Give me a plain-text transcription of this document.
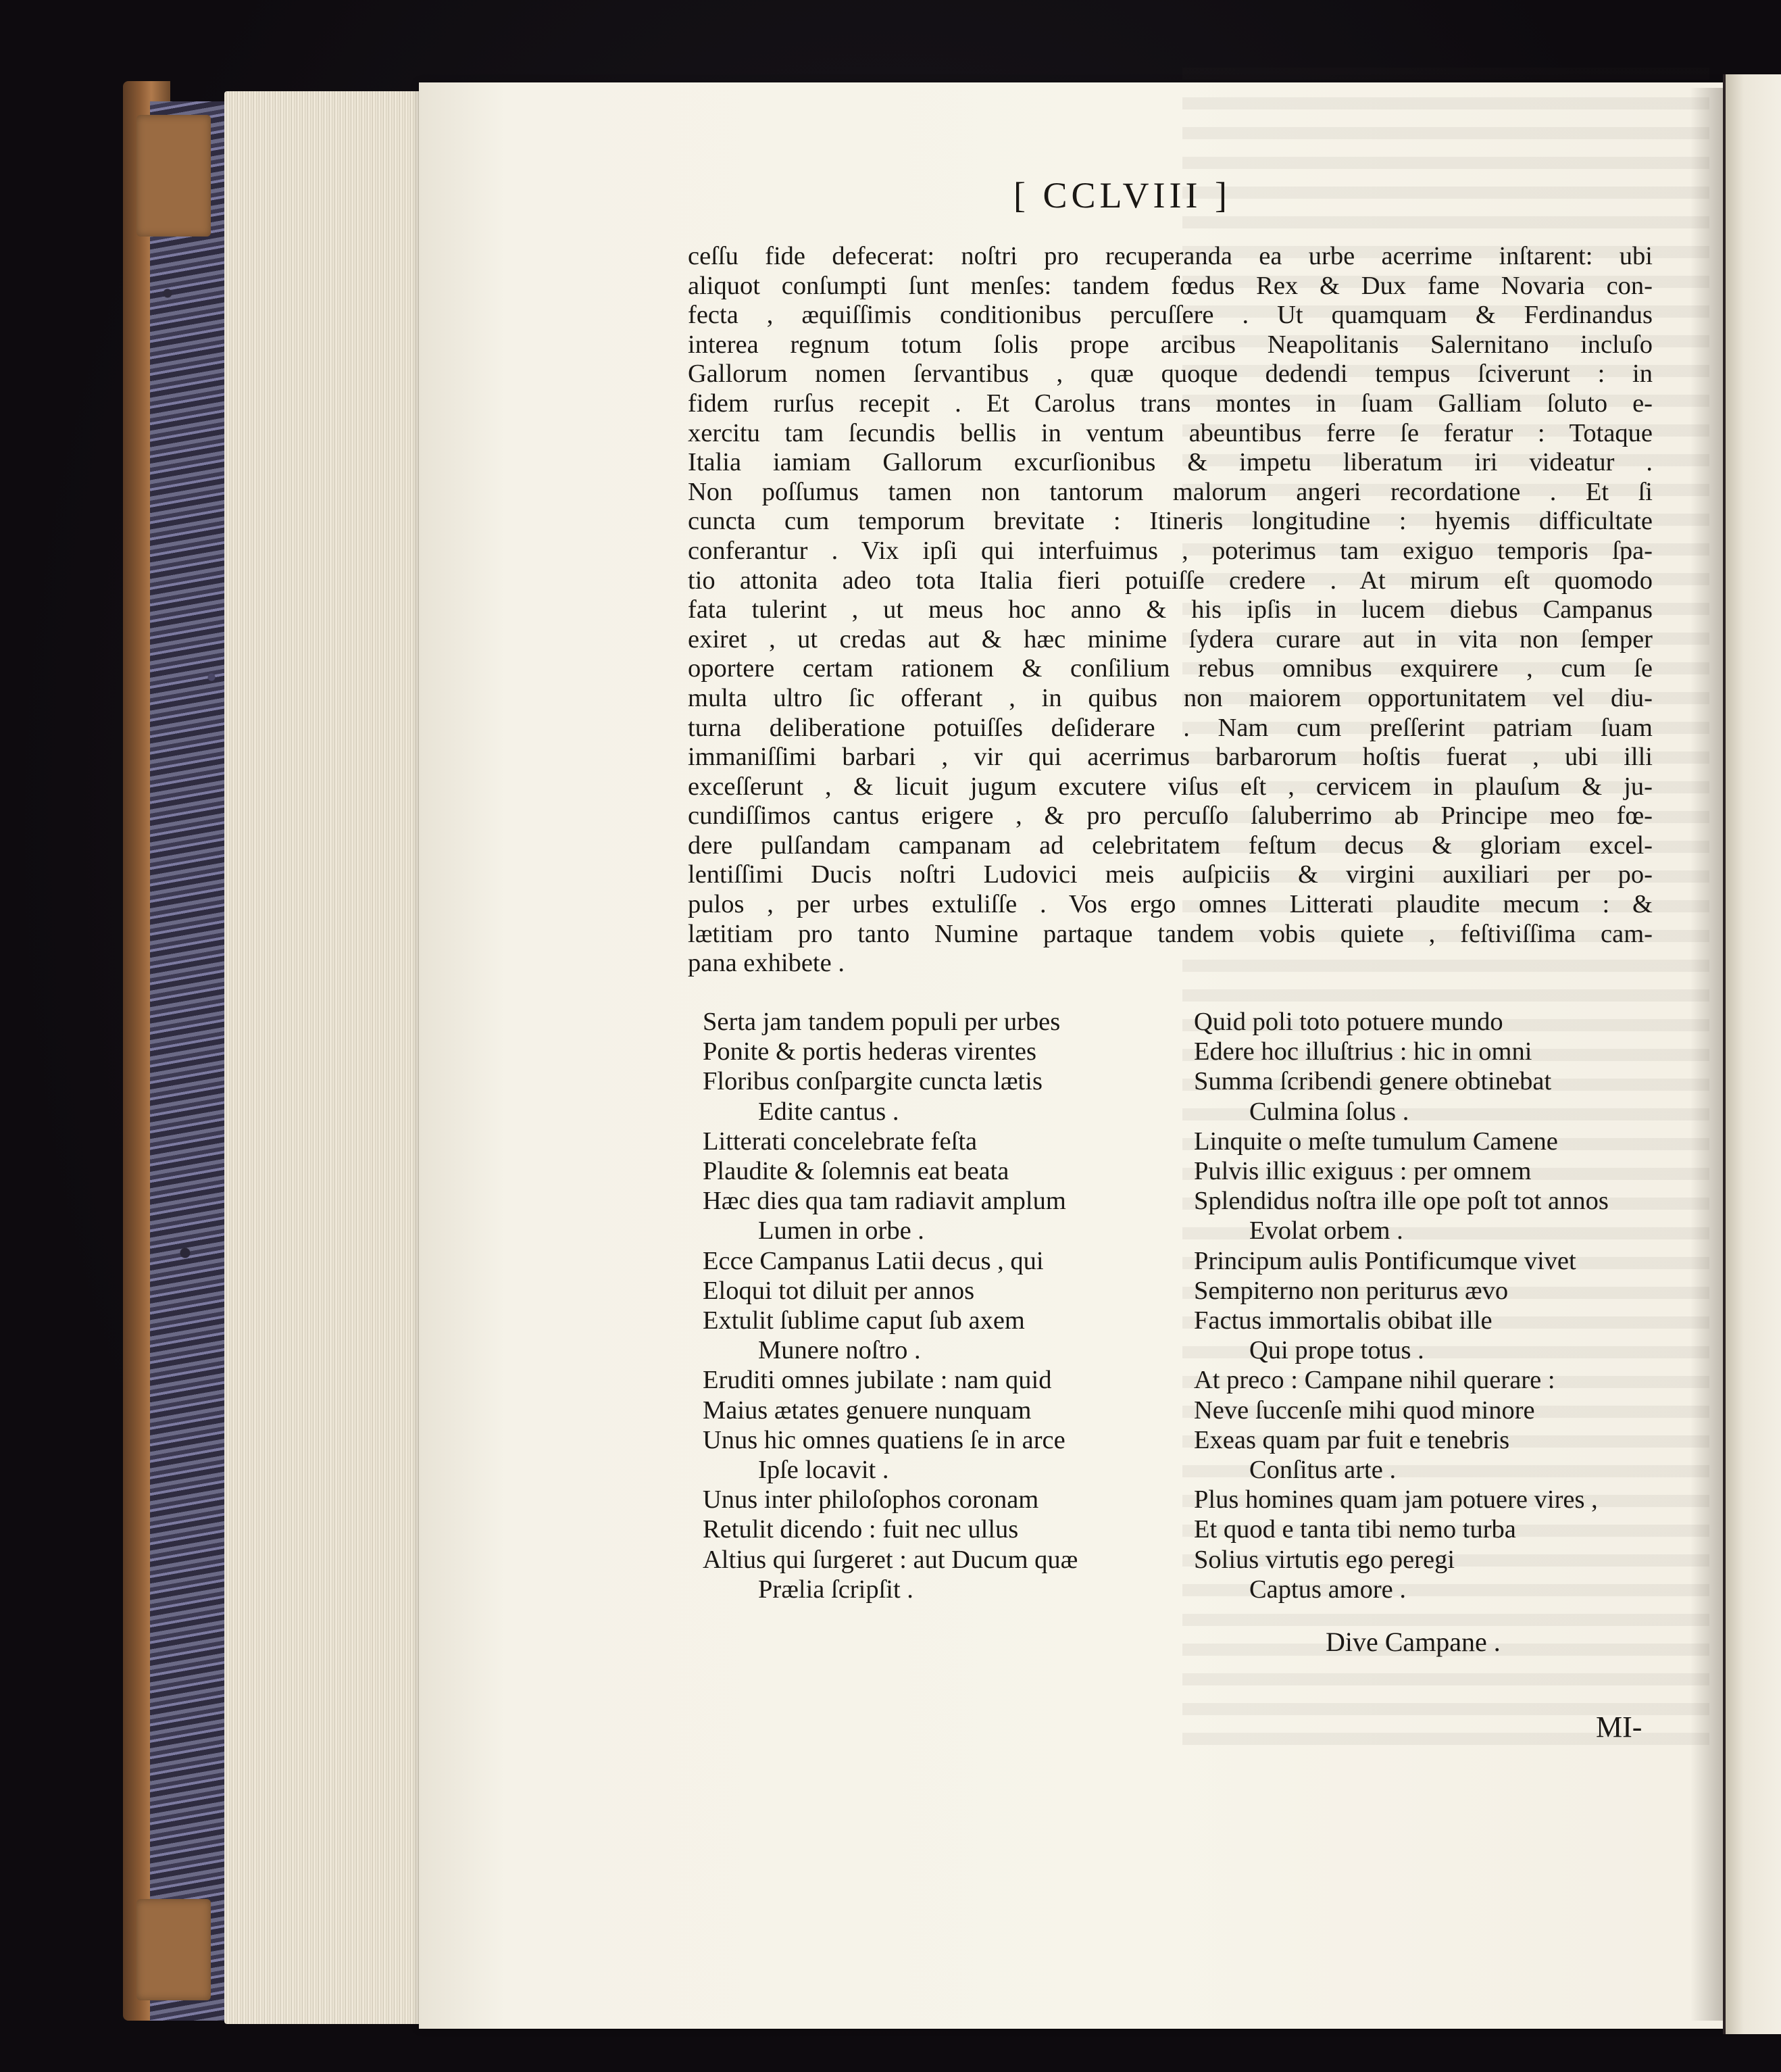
[ CCLVIII ]
ceſſu fide defecerat: noſtri pro recuperanda ea urbe acerrime inſtarent: ubi
aliquot conſumpti ſunt menſes: tandem fœdus Rex & Dux fame Novaria con-
fecta , æquiſſimis conditionibus percuſſere . Ut quamquam & Ferdinandus
interea regnum totum ſolis prope arcibus Neapolitanis Salernitano incluſo
Gallorum nomen ſervantibus , quæ quoque dedendi tempus ſciverunt : in
fidem rurſus recepit . Et Carolus trans montes in ſuam Galliam ſoluto e-
xercitu tam ſecundis bellis in ventum abeuntibus ferre ſe feratur : Totaque
Italia iamiam Gallorum excurſionibus & impetu liberatum iri videatur .
Non poſſumus tamen non tantorum malorum angeri recordatione . Et ſi
cuncta cum temporum brevitate : Itineris longitudine : hyemis difficultate
conferantur . Vix ipſi qui interfuimus , poterimus tam exiguo temporis ſpa-
tio attonita adeo tota Italia fieri potuiſſe credere . At mirum eſt quomodo
fata tulerint , ut meus hoc anno & his ipſis in lucem diebus Campanus
exiret , ut credas aut & hæc minime ſydera curare aut in vita non ſemper
oportere certam rationem & conſilium rebus omnibus exquirere , cum ſe
multa ultro ſic offerant , in quibus non maiorem opportunitatem vel diu-
turna deliberatione potuiſſes deſiderare . Nam cum preſſerint patriam ſuam
immaniſſimi barbari , vir qui acerrimus barbarorum hoſtis fuerat , ubi illi
exceſſerunt , & licuit jugum excutere viſus eſt , cervicem in plauſum & ju-
cundiſſimos cantus erigere , & pro percuſſo ſaluberrimo ab Principe meo fœ-
dere pulſandam campanam ad celebritatem feſtum decus & gloriam excel-
lentiſſimi Ducis noſtri Ludovici meis auſpiciis & virgini auxiliari per po-
pulos , per urbes extuliſſe . Vos ergo omnes Litterati plaudite mecum : &
lætitiam pro tanto Numine partaque tandem vobis quiete , feſtiviſſima cam-
pana exhibete .
Serta jam tandem populi per urbes
Ponite & portis hederas virentes
Floribus conſpargite cuncta lætis
Edite cantus .
Litterati concelebrate feſta
Plaudite & ſolemnis eat beata
Hæc dies qua tam radiavit amplum
Lumen in orbe .
Ecce Campanus Latii decus , qui
Eloqui tot diluit per annos
Extulit ſublime caput ſub axem
Munere noſtro .
Eruditi omnes jubilate : nam quid
Maius ætates genuere nunquam
Unus hic omnes quatiens ſe in arce
Ipſe locavit .
Unus inter philoſophos coronam
Retulit dicendo : fuit nec ullus
Altius qui ſurgeret : aut Ducum quæ
Prælia ſcripſit .
Quid poli toto potuere mundo
Edere hoc illuſtrius : hic in omni
Summa ſcribendi genere obtinebat
Culmina ſolus .
Linquite o meſte tumulum Camene
Pulvis illic exiguus : per omnem
Splendidus noſtra ille ope poſt tot annos
Evolat orbem .
Principum aulis Pontificumque vivet
Sempiterno non periturus ævo
Factus immortalis obibat ille
Qui prope totus .
At preco : Campane nihil querare :
Neve ſuccenſe mihi quod minore
Exeas quam par fuit e tenebris
Conſitus arte .
Plus homines quam jam potuere vires ,
Et quod e tanta tibi nemo turba
Solius virtutis ego peregi
Captus amore .
Dive Campane .
MI-
